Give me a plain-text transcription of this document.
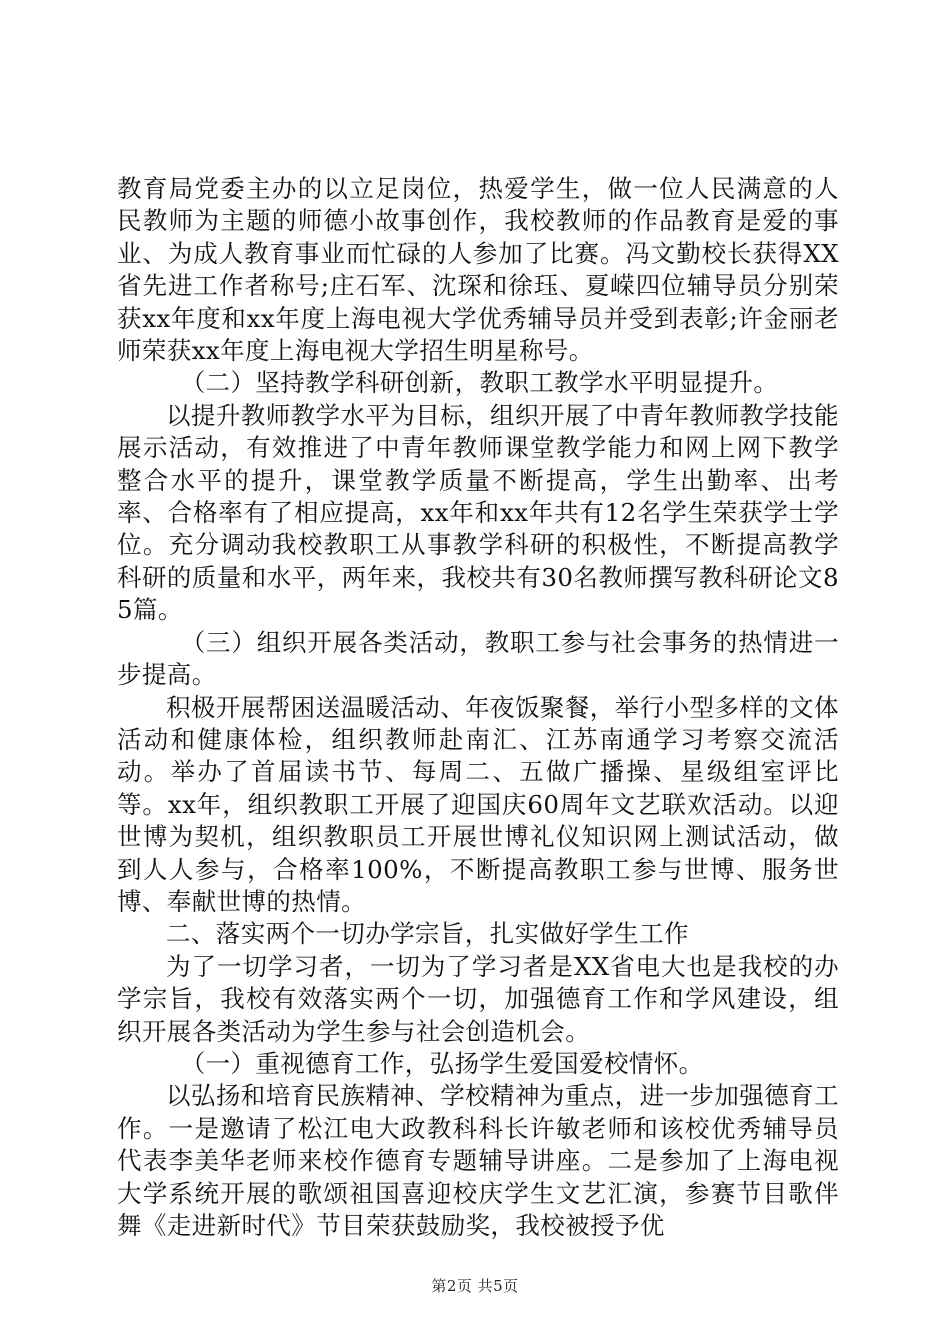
教育局党委主办的以立足岗位，热爱学生，做一位人民满意的人民教师为主题的师德小故事创作，我校教师的作品教育是爱的事业、为成人教育事业而忙碌的人参加了比赛。冯文勤校长获得XX省先进工作者称号;庄石军、沈琛和徐珏、夏嵘四位辅导员分别荣获xx年度和xx年度上海电视大学优秀辅导员并受到表彰;许金丽老师荣获xx年度上海电视大学招生明星称号。

（二）坚持教学科研创新，教职工教学水平明显提升。

以提升教师教学水平为目标，组织开展了中青年教师教学技能展示活动，有效推进了中青年教师课堂教学能力和网上网下教学整合水平的提升，课堂教学质量不断提高，学生出勤率、出考率、合格率有了相应提高，xx年和xx年共有12名学生荣获学士学位。充分调动我校教职工从事教学科研的积极性，不断提高教学科研的质量和水平，两年来，我校共有30名教师撰写教科研论文85篇。

（三）组织开展各类活动，教职工参与社会事务的热情进一步提高。

积极开展帮困送温暖活动、年夜饭聚餐，举行小型多样的文体活动和健康体检，组织教师赴南汇、江苏南通学习考察交流活动。举办了首届读书节、每周二、五做广播操、星级组室评比等。xx年，组织教职工开展了迎国庆60周年文艺联欢活动。以迎世博为契机，组织教职员工开展世博礼仪知识网上测试活动，做到人人参与，合格率100%，不断提高教职工参与世博、服务世博、奉献世博的热情。

二、落实两个一切办学宗旨，扎实做好学生工作

为了一切学习者，一切为了学习者是XX省电大也是我校的办学宗旨，我校有效落实两个一切，加强德育工作和学风建设，组织开展各类活动为学生参与社会创造机会。

（一）重视德育工作，弘扬学生爱国爱校情怀。

以弘扬和培育民族精神、学校精神为重点，进一步加强德育工作。一是邀请了松江电大政教科科长许敏老师和该校优秀辅导员代表李美华老师来校作德育专题辅导讲座。二是参加了上海电视大学系统开展的歌颂祖国喜迎校庆学生文艺汇演，参赛节目歌伴舞《走进新时代》节目荣获鼓励奖，我校被授予优

第2页 共5页
